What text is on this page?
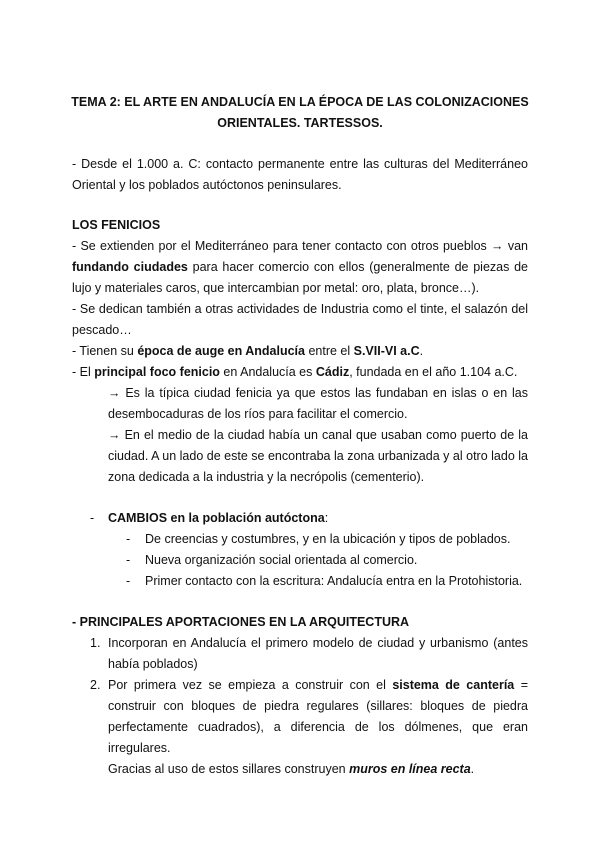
TEMA 2: EL ARTE EN ANDALUCÍA EN LA ÉPOCA DE LAS COLONIZACIONES
ORIENTALES. TARTESSOS.
- Desde el 1.000 a. C: contacto permanente entre las culturas del Mediterráneo Oriental y los poblados autóctonos peninsulares.
LOS FENICIOS
- Se extienden por el Mediterráneo para tener contacto con otros pueblos → van fundando ciudades para hacer comercio con ellos (generalmente de piezas de lujo y materiales caros, que intercambian por metal: oro, plata, bronce…).
- Se dedican también a otras actividades de Industria como el tinte, el salazón del pescado…
- Tienen su época de auge en Andalucía entre el S.VII-VI a.C.
- El principal foco fenicio en Andalucía es Cádiz, fundada en el año 1.104 a.C.
→ Es la típica ciudad fenicia ya que estos las fundaban en islas o en las desembocaduras de los ríos para facilitar el comercio.
→ En el medio de la ciudad había un canal que usaban como puerto de la ciudad. A un lado de este se encontraba la zona urbanizada y al otro lado la zona dedicada a la industria y la necrópolis (cementerio).
- CAMBIOS en la población autóctona:
- De creencias y costumbres, y en la ubicación y tipos de poblados.
- Nueva organización social orientada al comercio.
- Primer contacto con la escritura: Andalucía entra en la Protohistoria.
- PRINCIPALES APORTACIONES EN LA ARQUITECTURA
1. Incorporan en Andalucía el primero modelo de ciudad y urbanismo (antes había poblados)
2. Por primera vez se empieza a construir con el sistema de cantería = construir con bloques de piedra regulares (sillares: bloques de piedra perfectamente cuadrados), a diferencia de los dólmenes, que eran irregulares.
Gracias al uso de estos sillares construyen muros en línea recta.
